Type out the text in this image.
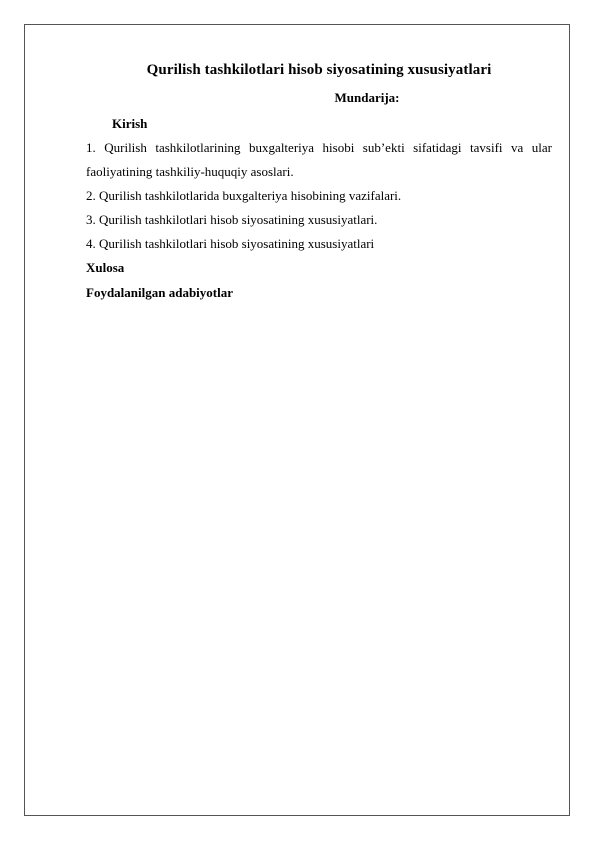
Qurilish tashkilotlari hisob siyosatining xususiyatlari
Mundarija:
Kirish
1. Qurilish tashkilotlarining buxgalteriya hisobi sub’ekti sifatidagi tavsifi va ular
faoliyatining tashkiliy-huquqiy asoslari.
2. Qurilish tashkilotlarida buxgalteriya hisobining vazifalari.
3. Qurilish tashkilotlari hisob siyosatining xususiyatlari.
4. Qurilish tashkilotlari hisob siyosatining xususiyatlari
Xulosa
Foydalanilgan adabiyotlar
